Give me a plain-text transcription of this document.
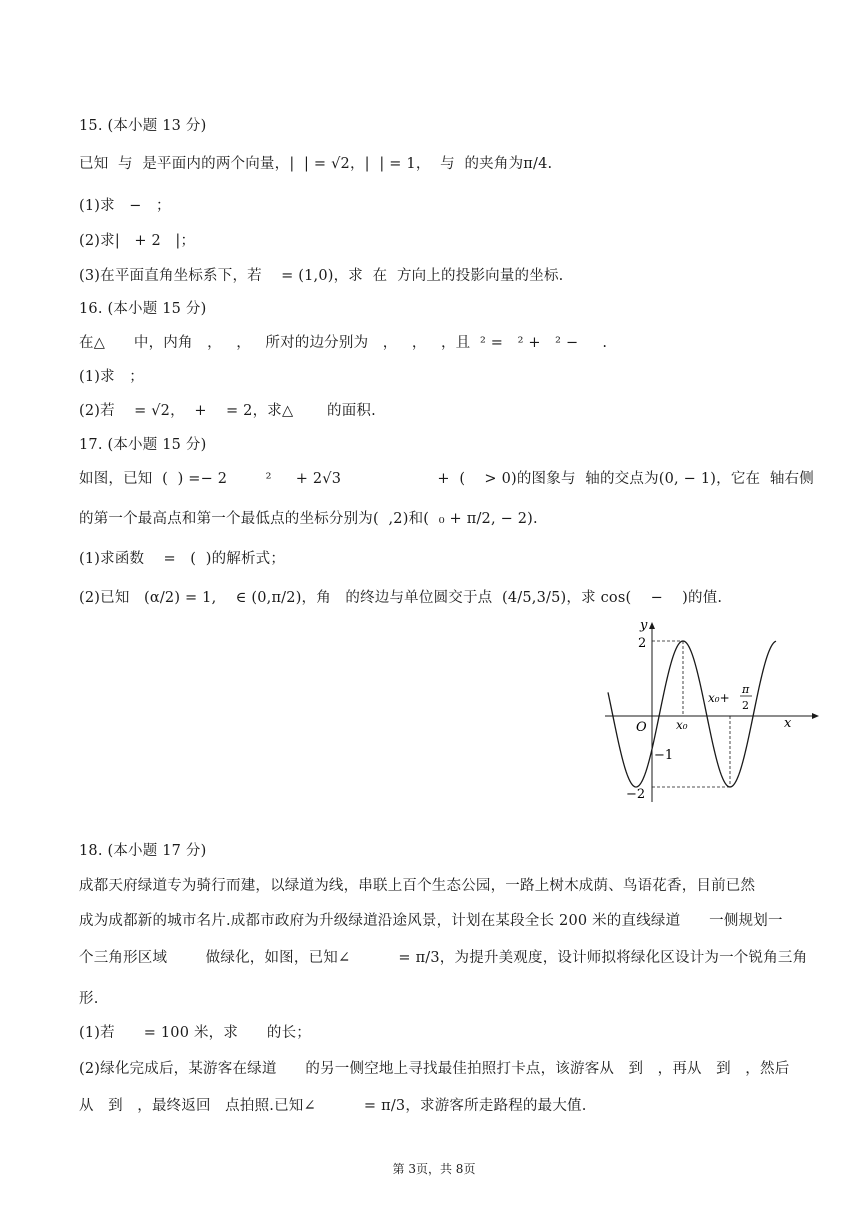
15. (本小题 13 分)
已知  与  是平面内的两个向量，|  | = √2，|  | = 1，  与  的夹角为π/4.
(1)求   −   ；
(2)求|   + 2   |；
(3)在平面直角坐标系下，若    = (1,0)，求  在  方向上的投影向量的坐标.
16. (本小题 15 分)
在△      中，内角   ，   ，   所对的边分别为   ，   ，   ，且  ² =   ² +   ² −     .
(1)求   ；
(2)若    = √2，  +    = 2，求△       的面积.
17. (本小题 15 分)
如图，已知  (  ) =− 2        ²     + 2√3                    +  (    > 0)的图象与  轴的交点为(0, − 1)，它在  轴右侧
的第一个最高点和第一个最低点的坐标分别为(  ,2)和(  ₀ + π/2, − 2).
(1)求函数    =   (  )的解析式；
(2)已知   (α/2) = 1,    ∈ (0,π/2)，角   的终边与单位圆交于点  (4/5,3/5)，求 cos(    −    )的值.
18. (本小题 17 分)
成都天府绿道专为骑行而建，以绿道为线，串联上百个生态公园，一路上树木成荫、鸟语花香，目前已然
成为成都新的城市名片.成都市政府为升级绿道沿途风景，计划在某段全长 200 米的直线绿道      一侧规划一
个三角形区域        做绿化，如图，已知∠          = π/3，为提升美观度，设计师拟将绿化区设计为一个锐角三角
形.
(1)若      = 100 米，求      的长；
(2)绿化完成后，某游客在绿道      的另一侧空地上寻找最佳拍照打卡点，该游客从   到   ，再从   到   ，然后
从   到   ，最终返回   点拍照.已知∠          = π/3，求游客所走路程的最大值.
y
x
O
2
−1
−2
x₀
x₀+
π
2
第 3页，共 8页
